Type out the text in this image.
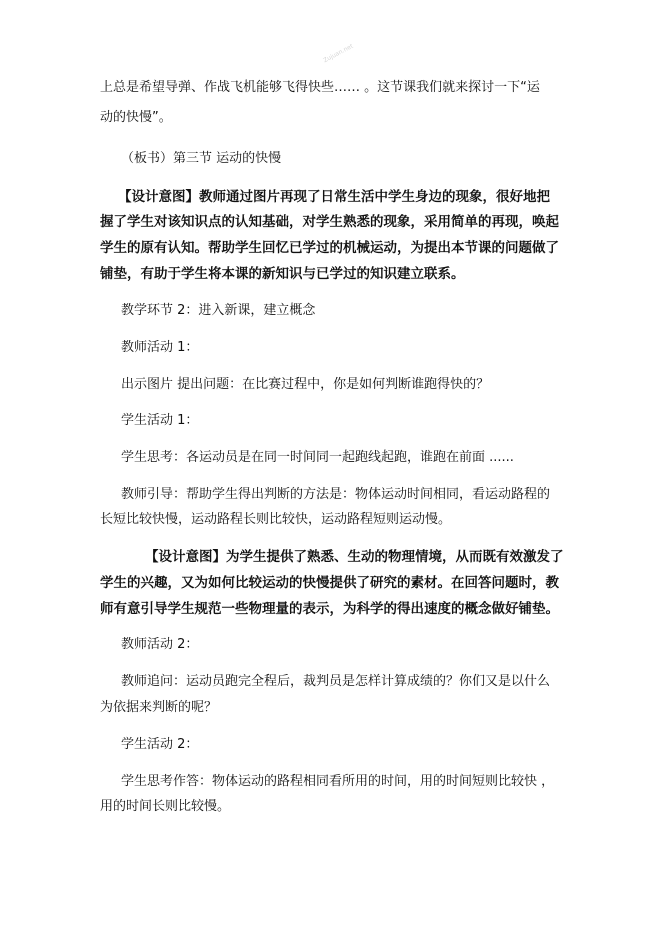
Zujuan.net
上总是希望导弹、作战飞机能够飞得快些…… 。这节课我们就来探讨一下“运
动的快慢”。
（板书）第三节 运动的快慢
【设计意图】教师通过图片再现了日常生活中学生身边的现象，很好地把
握了学生对该知识点的认知基础，对学生熟悉的现象，采用简单的再现，唤起
学生的原有认知。帮助学生回忆已学过的机械运动，为提出本节课的问题做了
铺垫，有助于学生将本课的新知识与已学过的知识建立联系。
教学环节 2：进入新课，建立概念
教师活动 1：
出示图片 提出问题：在比赛过程中，你是如何判断谁跑得快的？
学生活动 1：
学生思考：各运动员是在同一时间同一起跑线起跑，谁跑在前面 ......
教师引导：帮助学生得出判断的方法是：物体运动时间相同，看运动路程的
长短比较快慢，运动路程长则比较快，运动路程短则运动慢。
【设计意图】为学生提供了熟悉、生动的物理情境，从而既有效激发了
学生的兴趣，又为如何比较运动的快慢提供了研究的素材。在回答问题时，教
师有意引导学生规范一些物理量的表示，为科学的得出速度的概念做好铺垫。
教师活动 2：
教师追问：运动员跑完全程后，裁判员是怎样计算成绩的？你们又是以什么
为依据来判断的呢？
学生活动 2：
学生思考作答：物体运动的路程相同看所用的时间，用的时间短则比较快 ，
用的时间长则比较慢。
